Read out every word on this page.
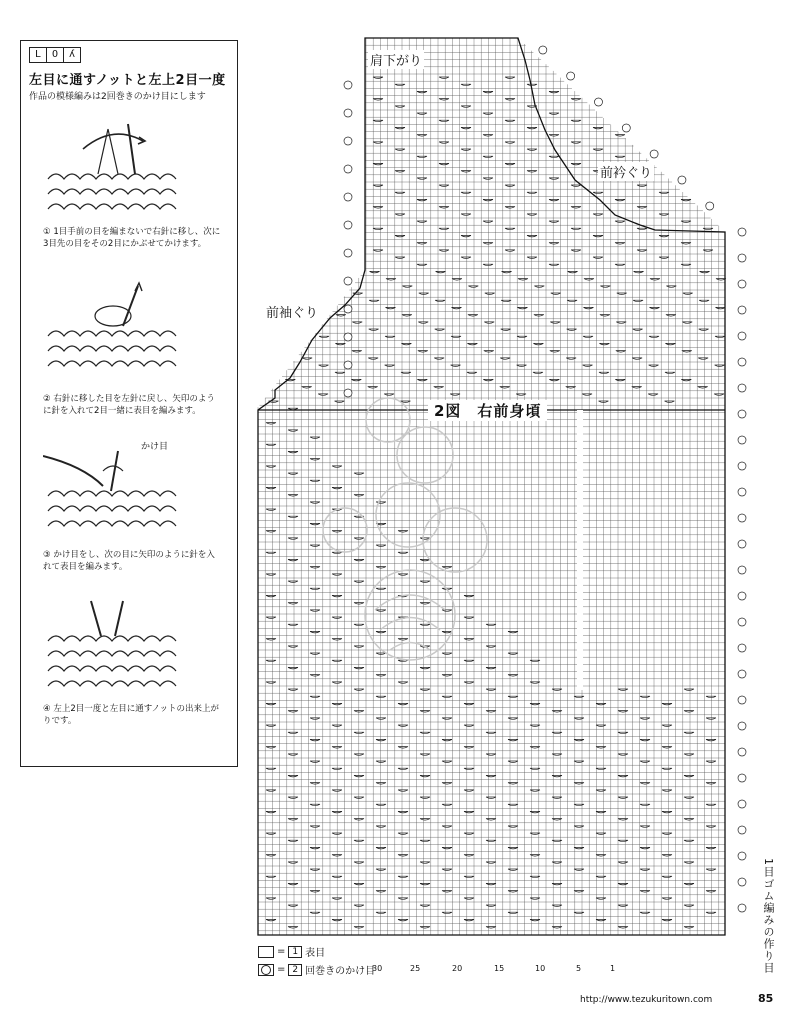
L	O	ʎ
左目に通すノットと左上2目一度
作品の模様編みは2回巻きのかけ目にします
① 1目手前の目を編まないで右針に移し、次に3目先の目をその2目にかぶせてかけます。
② 右針に移した目を左針に戻し、矢印のように針を入れて2目一緒に表目を編みます。
かけ目
③ かけ目をし、次の目に矢印のように針を入れて表目を編みます。
④ 左上2目一度と左目に通すノットの出来上がりです。
肩下がり
前衿ぐり
前袖ぐり
2図　右前身頃
= 1 表目
= 2 回巻きのかけ目
30	25	20	15	10	5	1	1目ゴム編みの作り目
http://www.tezukuritown.com	85
